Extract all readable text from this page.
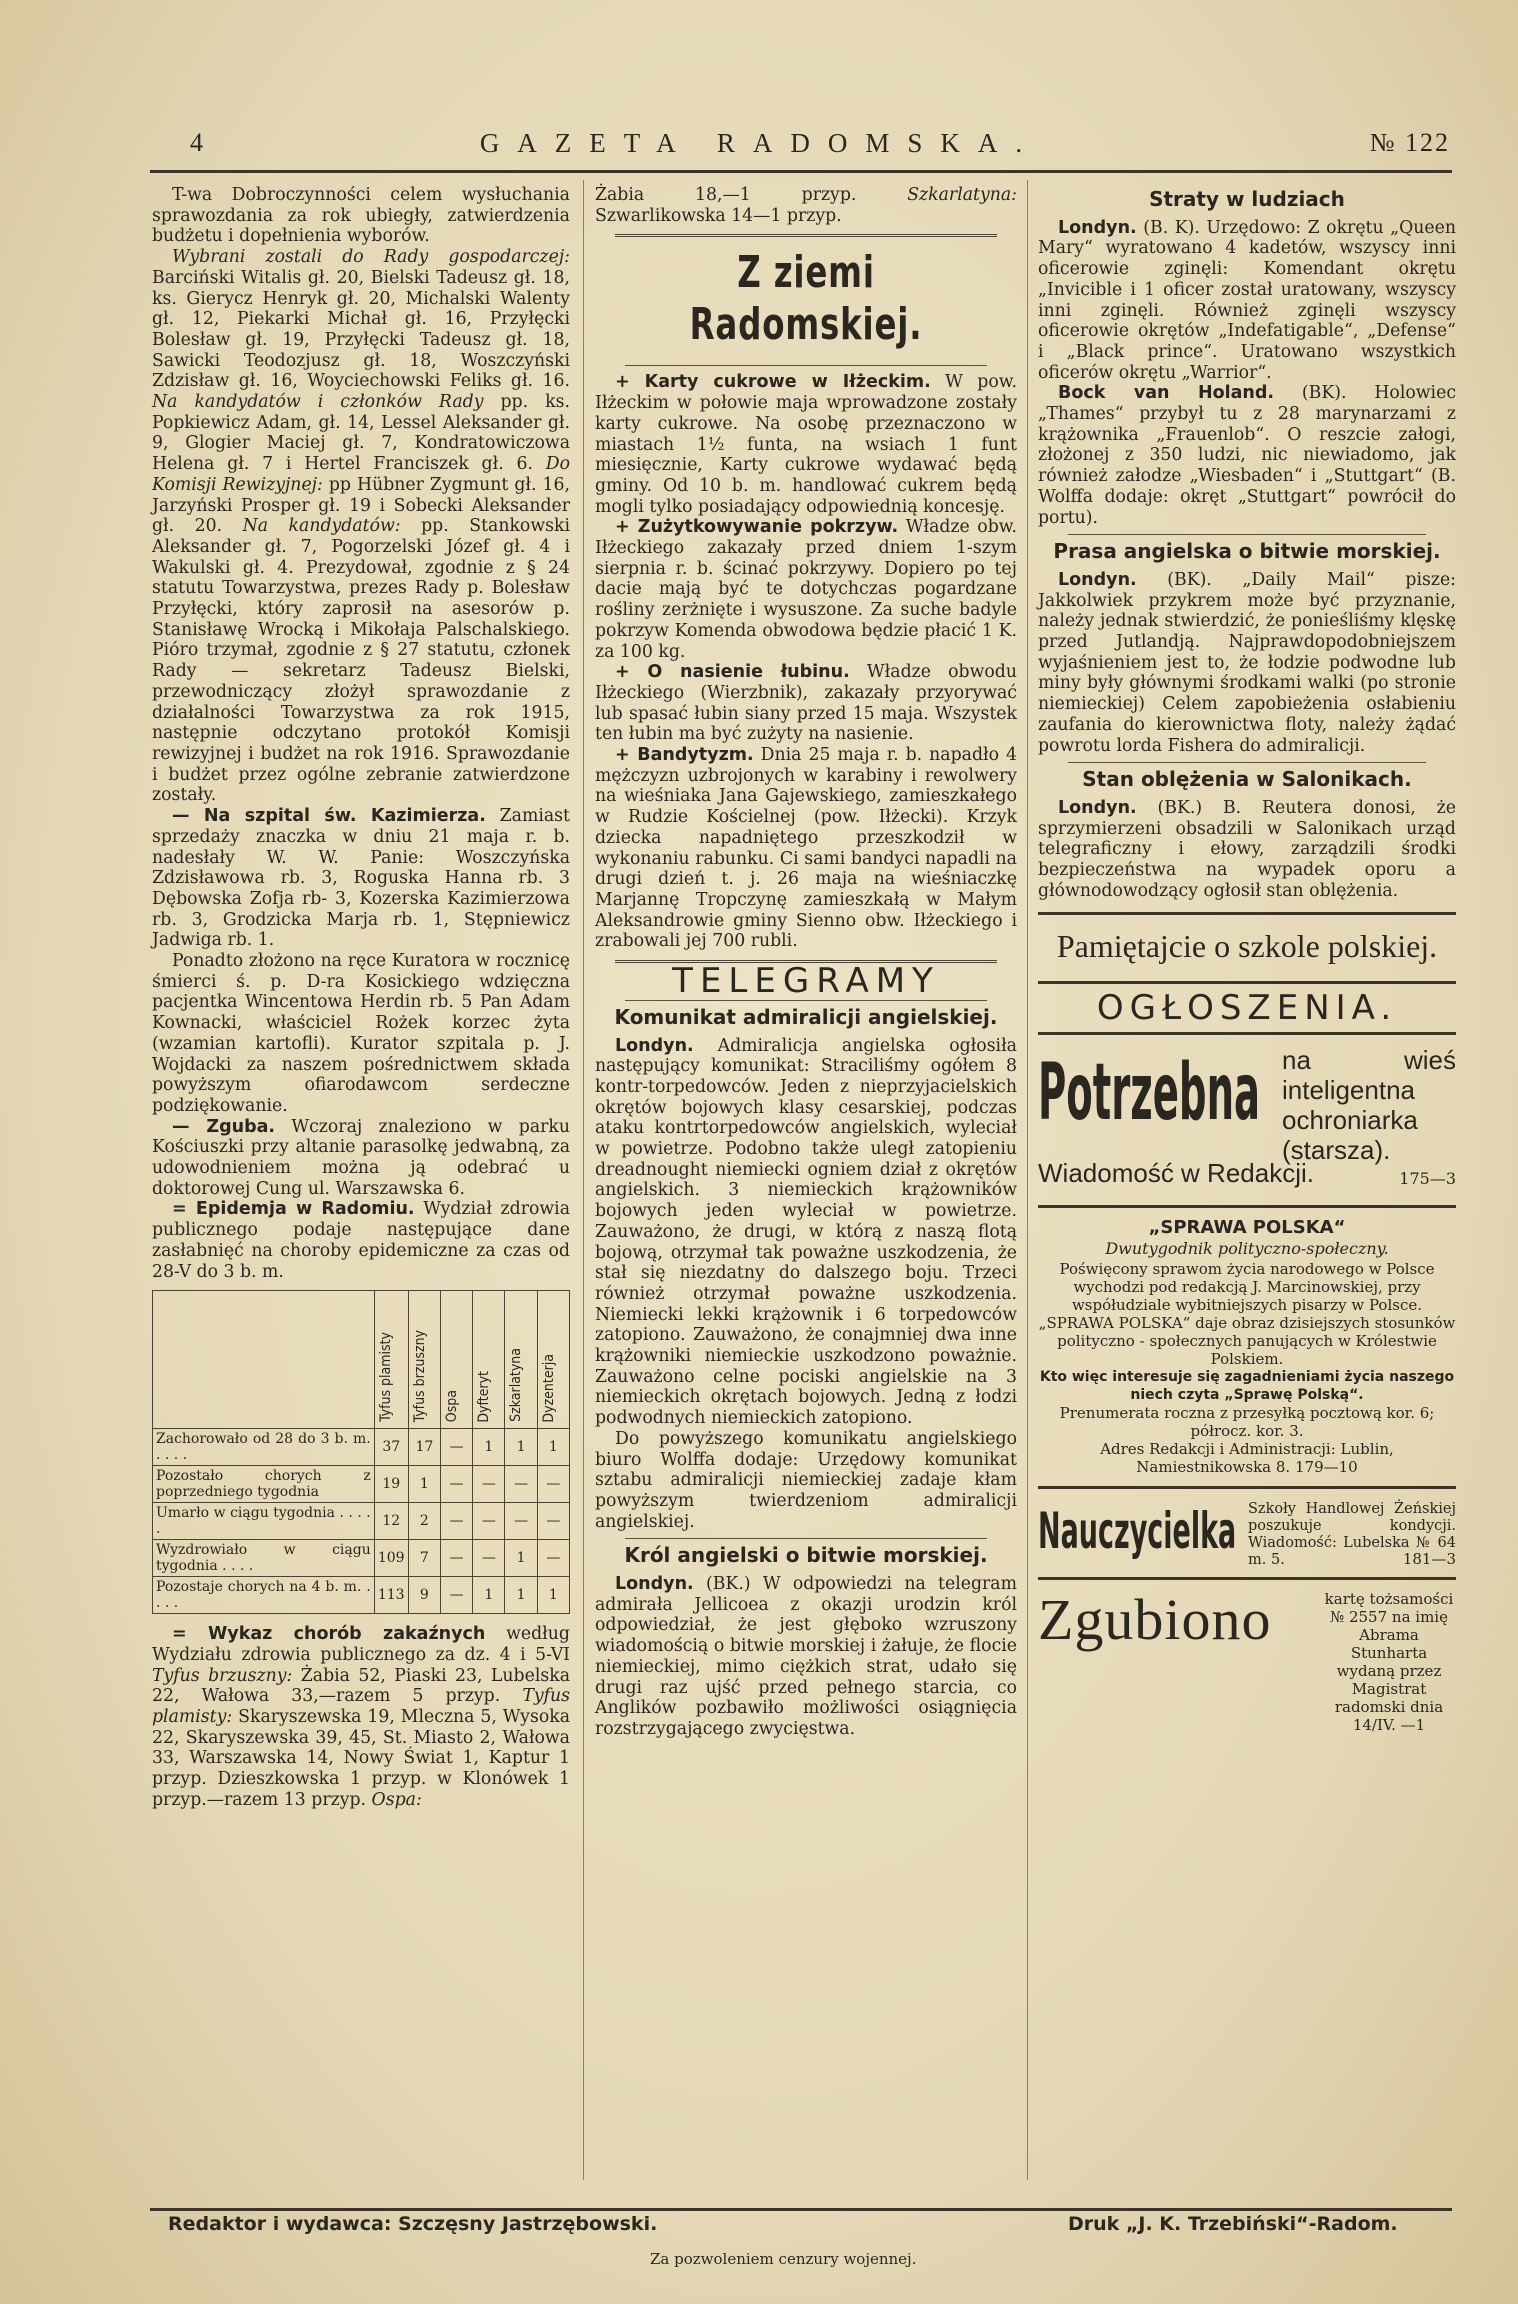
4	GAZETA RADOMSKA.	№ 122

T-wa Dobroczynności celem wysłuchania sprawozdania za rok ubiegły, zatwierdzenia budżetu i dopełnienia wyborów.

Wybrani zostali do Rady gospodarczej: Barciński Witalis gł. 20, Bielski Tadeusz gł. 18, ks. Gierycz Henryk gł. 20, Michalski Walenty gł. 12, Piekarki Michał gł. 16, Przyłęcki Bolesław gł. 19, Przyłęcki Tadeusz gł. 18, Sawicki Teodozjusz gł. 18, Woszczyński Zdzisław gł. 16, Woyciechowski Feliks gł. 16. Na kandydatów i członków Rady pp. ks. Popkiewicz Adam, gł. 14, Lessel Aleksander gł. 9, Glogier Maciej gł. 7, Kondratowiczowa Helena gł. 7 i Hertel Franciszek gł. 6. Do Komisji Rewizyjnej: pp Hübner Zygmunt gł. 16, Jarzyński Prosper gł. 19 i Sobecki Aleksander gł. 20. Na kandydatów: pp. Stankowski Aleksander gł. 7, Pogorzelski Józef gł. 4 i Wakulski gł. 4. Prezydował, zgodnie z § 24 statutu Towarzystwa, prezes Rady p. Bolesław Przyłęcki, który zaprosił na asesorów p. Stanisławę Wrocką i Mikołaja Palschalskiego. Pióro trzymał, zgodnie z § 27 statutu, członek Rady — sekretarz Tadeusz Bielski, przewodniczący złożył sprawozdanie z działalności Towarzystwa za rok 1915, następnie odczytano protokół Komisji rewizyjnej i budżet na rok 1916. Sprawozdanie i budżet przez ogólne zebranie zatwierdzone zostały.

— Na szpital św. Kazimierza. Zamiast sprzedaży znaczka w dniu 21 maja r. b. nadesłały W. W. Panie: Woszczyńska Zdzisławowa rb. 3, Roguska Hanna rb. 3 Dębowska Zofja rb- 3, Kozerska Kazimierzowa rb. 3, Grodzicka Marja rb. 1, Stępniewicz Jadwiga rb. 1.

Ponadto złożono na ręce Kuratora w rocznicę śmierci ś. p. D-ra Kosickiego wdzięczna pacjentka Wincentowa Herdin rb. 5 Pan Adam Kownacki, właściciel Rożek korzec żyta (wzamian kartofli). Kurator szpitala p. J. Wojdacki za naszem pośrednictwem składa powyższym ofiarodawcom serdeczne podziękowanie.

— Zguba. Wczoraj znaleziono w parku Kościuszki przy altanie parasolkę jedwabną, za udowodnieniem można ją odebrać u doktorowej Cung ul. Warszawska 6.

= Epidemja w Radomiu. Wydział zdrowia publicznego podaje następujące dane zasłabnięć na choroby epidemiczne za czas od 28-V do 3 b. m.

	Tyfus plamisty	Tyfus brzuszny	Ospa	Dyfteryt	Szkarlatyna	Dyzenterja
Zachorowało od 28 do 3 b. m. . . . .	37	17	—	1	1	1
Pozostało chorych z poprzedniego tygodnia	19	1	—	—	—	—
Umarło w ciągu tygodnia . . . . .	12	2	—	—	—	—
Wyzdrowiało w ciągu tygodnia . . . .	109	7	—	—	1	—
Pozostaje chorych na 4 b. m. . . . .	113	9	—	1	1	1

= Wykaz chorób zakaźnych według Wydziału zdrowia publicznego za dz. 4 i 5-VI Tyfus brzuszny: Żabia 52, Piaski 23, Lubelska 22, Wałowa 33,—razem 5 przyp. Tyfus plamisty: Skaryszewska 19, Mleczna 5, Wysoka 22, Skaryszewska 39, 45, St. Miasto 2, Wałowa 33, Warszawska 14, Nowy Świat 1, Kaptur 1 przyp. Dzieszkowska 1 przyp. w Klonówek 1 przyp.—razem 13 przyp. Ospa:

Żabia 18,—1 przyp.	Szkarlatyna: Szwarlikowska 14—1 przyp.

Z ziemi Radomskiej.

+ Karty cukrowe w Iłżeckim. W pow. Iłżeckim w połowie maja wprowadzone zostały karty cukrowe. Na osobę przeznaczono w miastach 1½ funta, na wsiach 1 funt miesięcznie, Karty cukrowe wydawać będą gminy. Od 10 b. m. handlować cukrem będą mogli tylko posiadający odpowiednią koncesję.

+ Zużytkowywanie pokrzyw. Władze obw. Iłżeckiego zakazały przed dniem 1-szym sierpnia r. b. ścinać pokrzywy. Dopiero po tej dacie mają być te dotychczas pogardzane rośliny zerżnięte i wysuszone. Za suche badyle pokrzyw Komenda obwodowa będzie płacić 1 K. za 100 kg.

+ O nasienie łubinu. Władze obwodu Iłżeckiego (Wierzbnik), zakazały przyorywać lub spasać łubin siany przed 15 maja. Wszystek ten łubin ma być zużyty na nasienie.

+ Bandytyzm. Dnia 25 maja r. b. napadło 4 mężczyzn uzbrojonych w karabiny i rewolwery na wieśniaka Jana Gajewskiego, zamieszkałego w Rudzie Kościelnej (pow. Iłżecki). Krzyk dziecka napadniętego przeszkodził w wykonaniu rabunku. Ci sami bandyci napadli na drugi dzień t. j. 26 maja na wieśniaczkę Marjannę Tropczynę zamieszkałą w Małym Aleksandrowie gminy Sienno obw. Iłżeckiego i zrabowali jej 700 rubli.

TELEGRAMY
Komunikat admiralicji angielskiej.

Londyn. Admiralicja angielska ogłosiła następujący komunikat: Straciliśmy ogółem 8 kontr-torpedowców. Jeden z nieprzyjacielskich okrętów bojowych klasy cesarskiej, podczas ataku kontrtorpedowców angielskich, wyleciał w powietrze. Podobno także uległ zatopieniu dreadnought niemiecki ogniem dział z okrętów angielskich. 3 niemieckich krążowników bojowych jeden wyleciał w powietrze. Zauważono, że drugi, w którą z naszą flotą bojową, otrzymał tak poważne uszkodzenia, że stał się niezdatny do dalszego boju. Trzeci również otrzymał poważne uszkodzenia. Niemiecki lekki krążownik i 6 torpedowców zatopiono. Zauważono, że conajmniej dwa inne krążowniki niemieckie uszkodzono poważnie. Zauważono celne pociski angielskie na 3 niemieckich okrętach bojowych. Jedną z łodzi podwodnych niemieckich zatopiono.

Do powyższego komunikatu angielskiego biuro Wolffa dodaje: Urzędowy komunikat sztabu admiralicji niemieckiej zadaje kłam powyższym twierdzeniom admiralicji angielskiej.

Król angielski o bitwie morskiej.

Londyn. (BK.) W odpowiedzi na telegram admirała Jellicoea z okazji urodzin król odpowiedział, że jest głęboko wzruszony wiadomością o bitwie morskiej i żałuje, że flocie niemieckiej, mimo ciężkich strat, udało się drugi raz ujść przed pełnego starcia, co Anglików pozbawiło możliwości osiągnięcia rozstrzygającego zwycięstwa.

Straty w ludziach

Londyn. (B. K). Urzędowo: Z okrętu „Queen Mary“ wyratowano 4 kadetów, wszyscy inni oficerowie zginęli: Komendant okrętu „Invicible i 1 oficer został uratowany, wszyscy inni zginęli. Również zginęli wszyscy oficerowie okrętów „Indefatigable“, „Defense“ i „Black prince“. Uratowano wszystkich oficerów okrętu „Warrior“.

Bock van Holand. (BK). Holowiec „Thames“ przybył tu z 28 marynarzami z krążownika „Frauenlob“. O reszcie załogi, złożonej z 350 ludzi, nic niewiadomo, jak również załodze „Wiesbaden“ i „Stuttgart“ (B. Wolffa dodaje: okręt „Stuttgart“ powrócił do portu).

Prasa angielska o bitwie morskiej.

Londyn. (BK). „Daily Mail“ pisze: Jakkolwiek przykrem może być przyznanie, należy jednak stwierdzić, że ponieśliśmy klęskę przed Jutlandją. Najprawdopodobniejszem wyjaśnieniem jest to, że łodzie podwodne lub miny były głównymi środkami walki (po stronie niemieckiej) Celem zapobieżenia osłabieniu zaufania do kierownictwa floty, należy żądać powrotu lorda Fishera do admiralicji.

Stan oblężenia w Salonikach.

Londyn. (BK.) B. Reutera donosi, że sprzymierzeni obsadzili w Salonikach urząd telegraficzny i ełowy, zarządzili środki bezpieczeństwa na wypadek oporu a głównodowodzący ogłosił stan oblężenia.

Pamiętajcie o szkole polskiej.
OGŁOSZENIA.
Potrzebna na wieś inteligentna ochroniarka (starsza).
Wiadomość w Redakcji.	175—3
„SPRAWA POLSKA“
Dwutygodnik polityczno-społeczny.
Poświęcony sprawom życia narodowego w Polsce wychodzi pod redakcją J. Marcinowskiej, przy współudziale wybitniejszych pisarzy w Polsce. „SPRAWA POLSKA“ daje obraz dzisiejszych stosunków polityczno - społecznych panujących w Królestwie Polskiem.
Kto więc interesuje się zagadnieniami życia naszego niech czyta „Sprawę Polską“.
Prenumerata roczna z przesyłką pocztową kor. 6; półrocz. kor. 3.
Adres Redakcji i Administracji: Lublin, Namiestnikowska 8. 179—10
Nauczycielka Szkoły Handlowej Żeńskiej poszukuje kondycji. Wiadomość: Lubelska № 64 m. 5.	181—3
Zgubiono	kartę tożsamości № 2557 na imię Abrama Stunharta wydaną przez Magistrat radomski dnia 14/IV. —1
Redaktor i wydawca: Szczęsny Jastrzębowski.	Druk „J. K. Trzebiński“-Radom.
Za pozwoleniem cenzury wojennej.
